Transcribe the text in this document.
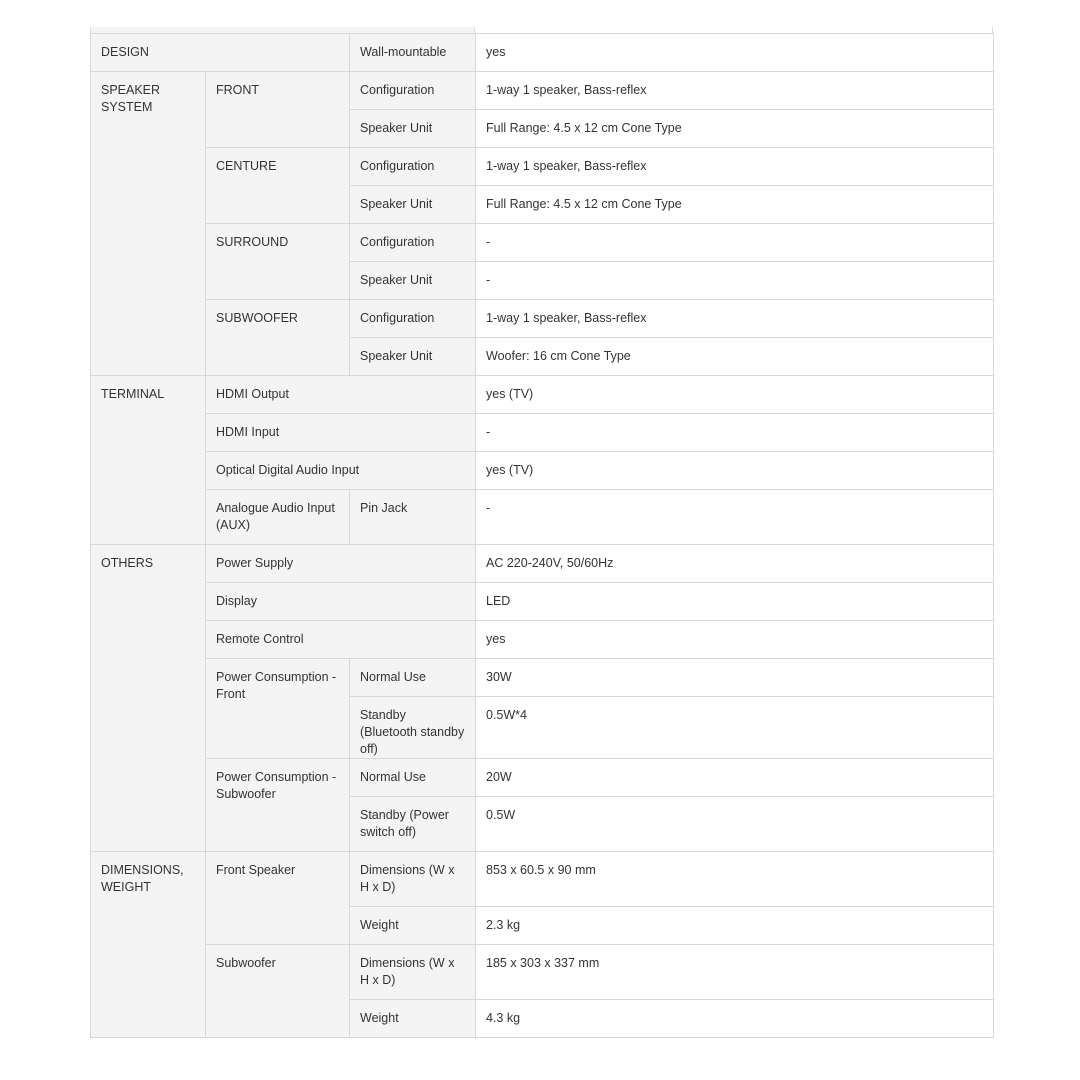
DESIGN		Wall-mountable	yes
SPEAKER SYSTEM	FRONT	Configuration	1-way 1 speaker, Bass-reflex
		Speaker Unit	Full Range: 4.5 x 12 cm Cone Type
	CENTURE	Configuration	1-way 1 speaker, Bass-reflex
		Speaker Unit	Full Range: 4.5 x 12 cm Cone Type
	SURROUND	Configuration	-
		Speaker Unit	-
	SUBWOOFER	Configuration	1-way 1 speaker, Bass-reflex
		Speaker Unit	Woofer: 16 cm Cone Type
TERMINAL	HDMI Output		yes (TV)
	HDMI Input		-
	Optical Digital Audio Input		yes (TV)
	Analogue Audio Input (AUX)	Pin Jack	-
OTHERS	Power Supply		AC 220-240V, 50/60Hz
	Display		LED
	Remote Control		yes
	Power Consumption - Front	Normal Use	30W
		Standby (Bluetooth standby off)	0.5W*4
	Power Consumption - Subwoofer	Normal Use	20W
		Standby (Power switch off)	0.5W
DIMENSIONS, WEIGHT	Front Speaker	Dimensions (W x H x D)	853 x 60.5 x 90 mm
		Weight	2.3 kg
	Subwoofer	Dimensions (W x H x D)	185 x 303 x 337 mm
		Weight	4.3 kg
